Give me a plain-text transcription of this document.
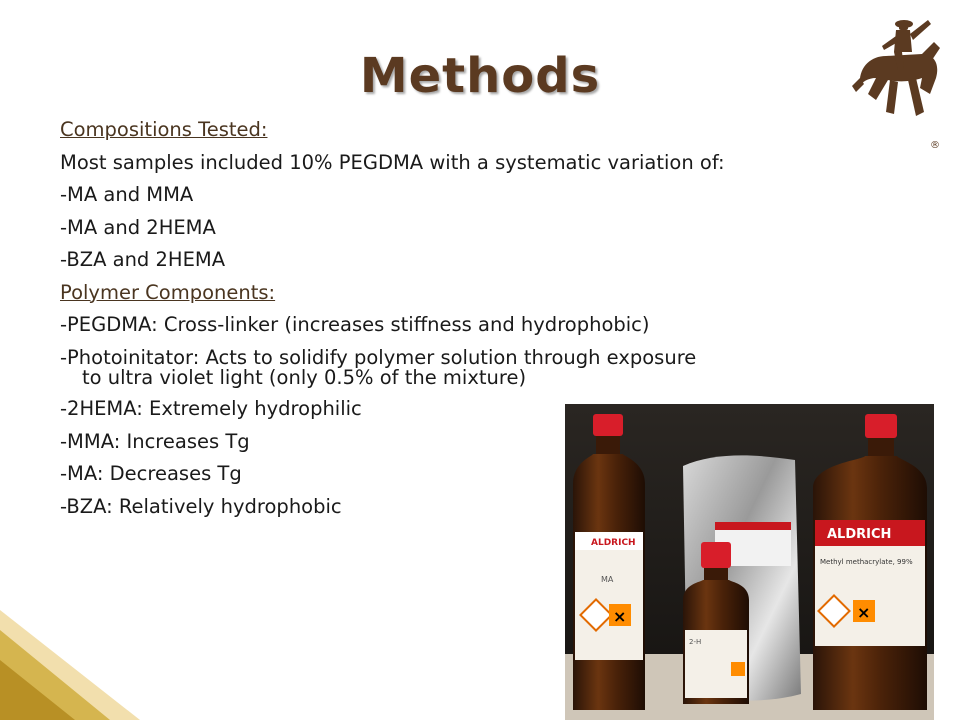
Methods
®
Compositions Tested:
Most samples included 10% PEGDMA with a systematic variation of:
-MA and MMA
-MA and 2HEMA
-BZA and 2HEMA
Polymer Components:
-PEGDMA: Cross-linker (increases stiffness and hydrophobic)
-Photoinitator: Acts to solidify polymer solution through exposure
to ultra violet light (only 0.5% of the mixture)
-2HEMA: Extremely hydrophilic
-MMA: Increases Tg
-MA: Decreases Tg
-BZA: Relatively hydrophobic
ALDRICH
MA
×
ALDRICH
Methyl methacrylate, 99%
×
2-H
